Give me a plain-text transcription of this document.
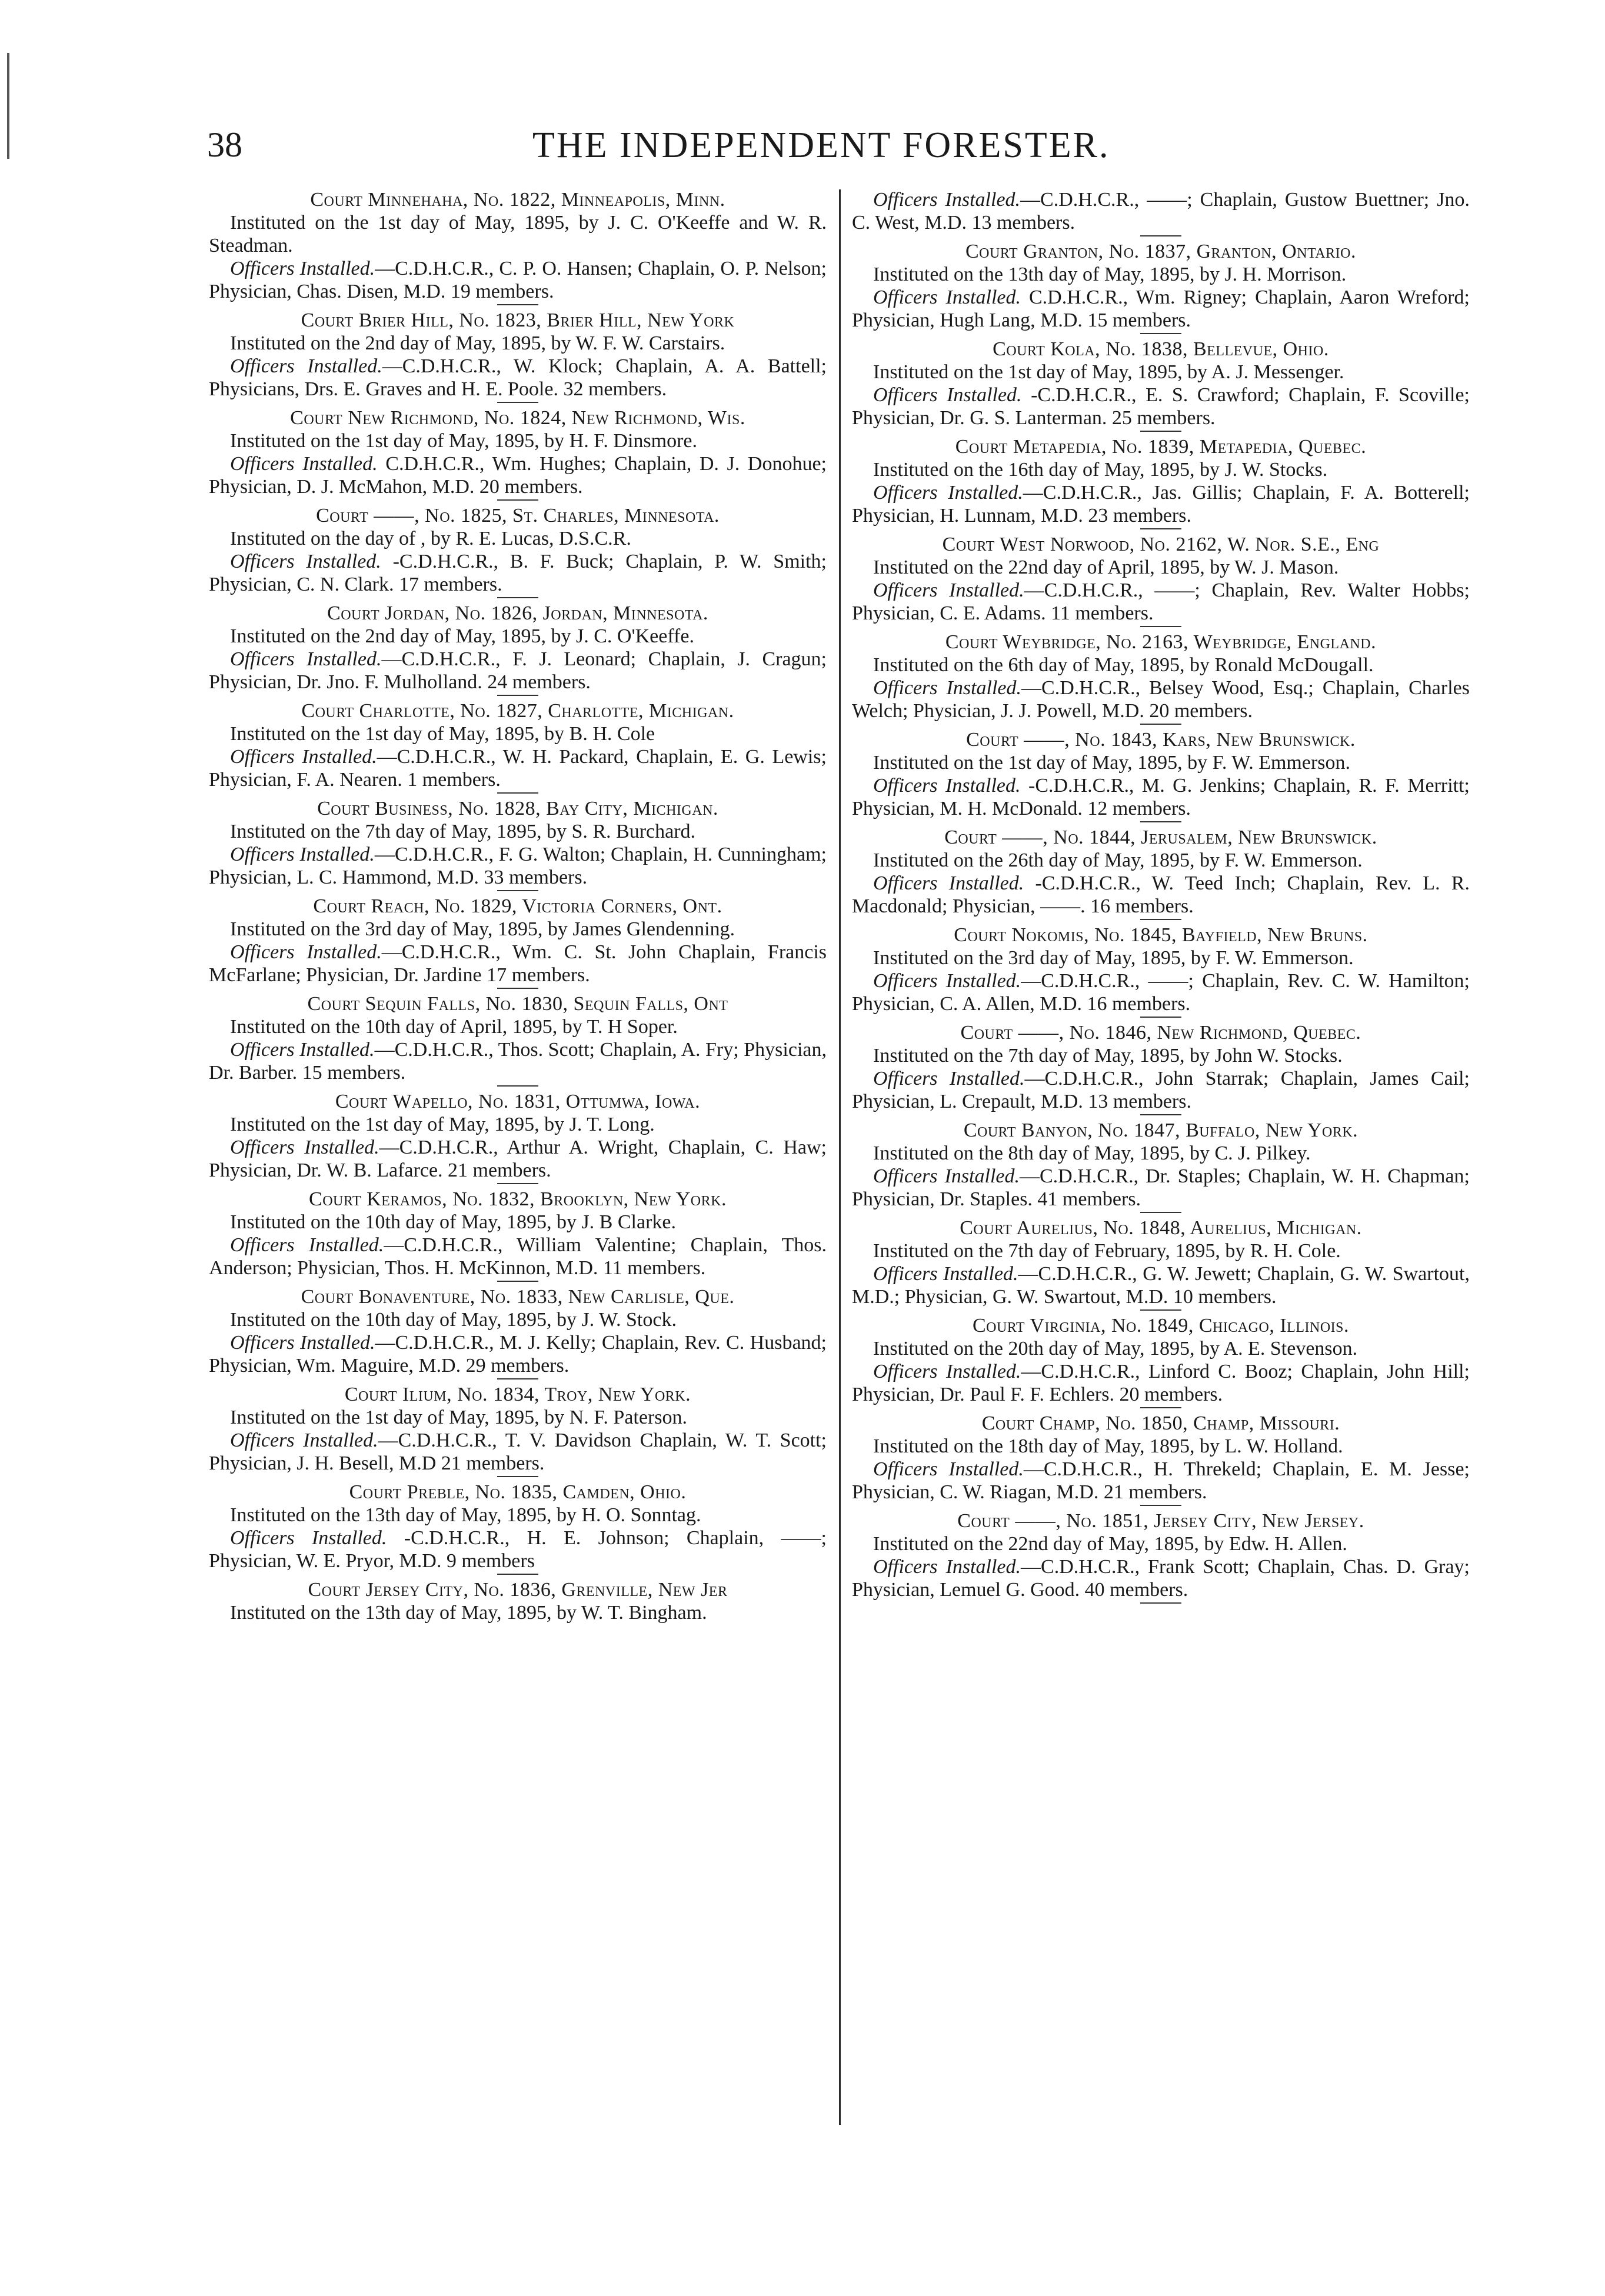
38	THE INDEPENDENT FORESTER.

Court Minnehaha, No. 1822, Minneapolis, Minn.

Instituted on the 1st day of May, 1895, by J. C. O'Keeffe and W. R. Steadman.

Officers Installed.—C.D.H.C.R., C. P. O. Hansen; Chaplain, O. P. Nelson; Physician, Chas. Disen, M.D. 19 members.

Court Brier Hill, No. 1823, Brier Hill, New York

Instituted on the 2nd day of May, 1895, by W. F. W. Carstairs.

Officers Installed.—C.D.H.C.R., W. Klock; Chaplain, A. A. Battell; Physicians, Drs. E. Graves and H. E. Poole. 32 members.

Court New Richmond, No. 1824, New Richmond, Wis.

Instituted on the 1st day of May, 1895, by H. F. Dinsmore.

Officers Installed. C.D.H.C.R., Wm. Hughes; Chaplain, D. J. Donohue; Physician, D. J. McMahon, M.D. 20 members.

Court ——, No. 1825, St. Charles, Minnesota.

Instituted on the day of , by R. E. Lucas, D.S.C.R.

Officers Installed. -C.D.H.C.R., B. F. Buck; Chaplain, P. W. Smith; Physician, C. N. Clark. 17 members.

Court Jordan, No. 1826, Jordan, Minnesota.

Instituted on the 2nd day of May, 1895, by J. C. O'Keeffe.

Officers Installed.—C.D.H.C.R., F. J. Leonard; Chaplain, J. Cragun; Physician, Dr. Jno. F. Mulholland. 24 members.

Court Charlotte, No. 1827, Charlotte, Michigan.

Instituted on the 1st day of May, 1895, by B. H. Cole

Officers Installed.—C.D.H.C.R., W. H. Packard, Chaplain, E. G. Lewis; Physician, F. A. Nearen. 1 members.

Court Business, No. 1828, Bay City, Michigan.

Instituted on the 7th day of May, 1895, by S. R. Burchard.

Officers Installed.—C.D.H.C.R., F. G. Walton; Chaplain, H. Cunningham; Physician, L. C. Hammond, M.D. 33 members.

Court Reach, No. 1829, Victoria Corners, Ont.

Instituted on the 3rd day of May, 1895, by James Glendenning.

Officers Installed.—C.D.H.C.R., Wm. C. St. John Chaplain, Francis McFarlane; Physician, Dr. Jardine 17 members.

Court Sequin Falls, No. 1830, Sequin Falls, Ont

Instituted on the 10th day of April, 1895, by T. H Soper.

Officers Installed.—C.D.H.C.R., Thos. Scott; Chaplain, A. Fry; Physician, Dr. Barber. 15 members.

Court Wapello, No. 1831, Ottumwa, Iowa.

Instituted on the 1st day of May, 1895, by J. T. Long.

Officers Installed.—C.D.H.C.R., Arthur A. Wright, Chaplain, C. Haw; Physician, Dr. W. B. Lafarce. 21 members.

Court Keramos, No. 1832, Brooklyn, New York.

Instituted on the 10th day of May, 1895, by J. B Clarke.

Officers Installed.—C.D.H.C.R., William Valentine; Chaplain, Thos. Anderson; Physician, Thos. H. McKinnon, M.D. 11 members.

Court Bonaventure, No. 1833, New Carlisle, Que.

Instituted on the 10th day of May, 1895, by J. W. Stock.

Officers Installed.—C.D.H.C.R., M. J. Kelly; Chaplain, Rev. C. Husband; Physician, Wm. Maguire, M.D. 29 members.

Court Ilium, No. 1834, Troy, New York.

Instituted on the 1st day of May, 1895, by N. F. Paterson.

Officers Installed.—C.D.H.C.R., T. V. Davidson Chaplain, W. T. Scott; Physician, J. H. Besell, M.D 21 members.

Court Preble, No. 1835, Camden, Ohio.

Instituted on the 13th day of May, 1895, by H. O. Sonntag.

Officers Installed. -C.D.H.C.R., H. E. Johnson; Chaplain, ——; Physician, W. E. Pryor, M.D. 9 members

Court Jersey City, No. 1836, Grenville, New Jer

Instituted on the 13th day of May, 1895, by W. T. Bingham.

Officers Installed.—C.D.H.C.R., ——; Chaplain, Gustow Buettner; Jno. C. West, M.D. 13 members.

Court Granton, No. 1837, Granton, Ontario.

Instituted on the 13th day of May, 1895, by J. H. Morrison.

Officers Installed. C.D.H.C.R., Wm. Rigney; Chaplain, Aaron Wreford; Physician, Hugh Lang, M.D. 15 members.

Court Kola, No. 1838, Bellevue, Ohio.

Instituted on the 1st day of May, 1895, by A. J. Messenger.

Officers Installed. -C.D.H.C.R., E. S. Crawford; Chaplain, F. Scoville; Physician, Dr. G. S. Lanterman. 25 members.

Court Metapedia, No. 1839, Metapedia, Quebec.

Instituted on the 16th day of May, 1895, by J. W. Stocks.

Officers Installed.—C.D.H.C.R., Jas. Gillis; Chaplain, F. A. Botterell; Physician, H. Lunnam, M.D. 23 members.

Court West Norwood, No. 2162, W. Nor. S.E., Eng

Instituted on the 22nd day of April, 1895, by W. J. Mason.

Officers Installed.—C.D.H.C.R., ——; Chaplain, Rev. Walter Hobbs; Physician, C. E. Adams. 11 members.

Court Weybridge, No. 2163, Weybridge, England.

Instituted on the 6th day of May, 1895, by Ronald McDougall.

Officers Installed.—C.D.H.C.R., Belsey Wood, Esq.; Chaplain, Charles Welch; Physician, J. J. Powell, M.D. 20 members.

Court ——, No. 1843, Kars, New Brunswick.

Instituted on the 1st day of May, 1895, by F. W. Emmerson.

Officers Installed. -C.D.H.C.R., M. G. Jenkins; Chaplain, R. F. Merritt; Physician, M. H. McDonald. 12 members.

Court ——, No. 1844, Jerusalem, New Brunswick.

Instituted on the 26th day of May, 1895, by F. W. Emmerson.

Officers Installed. -C.D.H.C.R., W. Teed Inch; Chaplain, Rev. L. R. Macdonald; Physician, ——. 16 members.

Court Nokomis, No. 1845, Bayfield, New Bruns.

Instituted on the 3rd day of May, 1895, by F. W. Emmerson.

Officers Installed.—C.D.H.C.R., ——; Chaplain, Rev. C. W. Hamilton; Physician, C. A. Allen, M.D. 16 members.

Court ——, No. 1846, New Richmond, Quebec.

Instituted on the 7th day of May, 1895, by John W. Stocks.

Officers Installed.—C.D.H.C.R., John Starrak; Chaplain, James Cail; Physician, L. Crepault, M.D. 13 members.

Court Banyon, No. 1847, Buffalo, New York.

Instituted on the 8th day of May, 1895, by C. J. Pilkey.

Officers Installed.—C.D.H.C.R., Dr. Staples; Chaplain, W. H. Chapman; Physician, Dr. Staples. 41 members.

Court Aurelius, No. 1848, Aurelius, Michigan.

Instituted on the 7th day of February, 1895, by R. H. Cole.

Officers Installed.—C.D.H.C.R., G. W. Jewett; Chaplain, G. W. Swartout, M.D.; Physician, G. W. Swartout, M.D. 10 members.

Court Virginia, No. 1849, Chicago, Illinois.

Instituted on the 20th day of May, 1895, by A. E. Stevenson.

Officers Installed.—C.D.H.C.R., Linford C. Booz; Chaplain, John Hill; Physician, Dr. Paul F. F. Echlers. 20 members.

Court Champ, No. 1850, Champ, Missouri.

Instituted on the 18th day of May, 1895, by L. W. Holland.

Officers Installed.—C.D.H.C.R., H. Threkeld; Chaplain, E. M. Jesse; Physician, C. W. Riagan, M.D. 21 members.

Court ——, No. 1851, Jersey City, New Jersey.

Instituted on the 22nd day of May, 1895, by Edw. H. Allen.

Officers Installed.—C.D.H.C.R., Frank Scott; Chaplain, Chas. D. Gray; Physician, Lemuel G. Good. 40 members.
